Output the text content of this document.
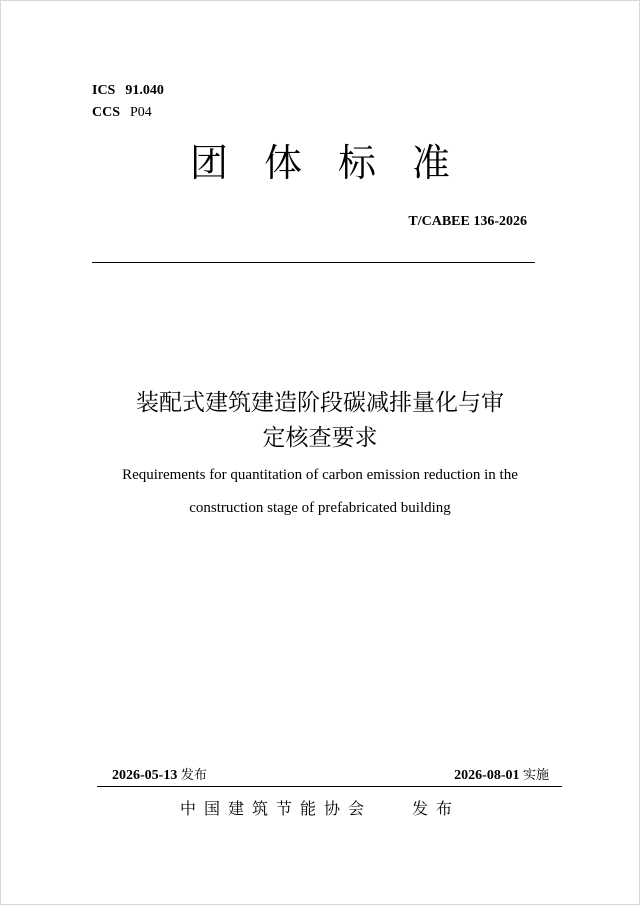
ICS 91.040
CCS P04
团体标准
T/CABEE 136-2026
装配式建筑建造阶段碳减排量化与审
定核查要求
Requirements for quantitation of carbon emission reduction in the
construction stage of prefabricated building
2026-05-13 发布	2026-08-01 实施
中国建筑节能协会	发布
